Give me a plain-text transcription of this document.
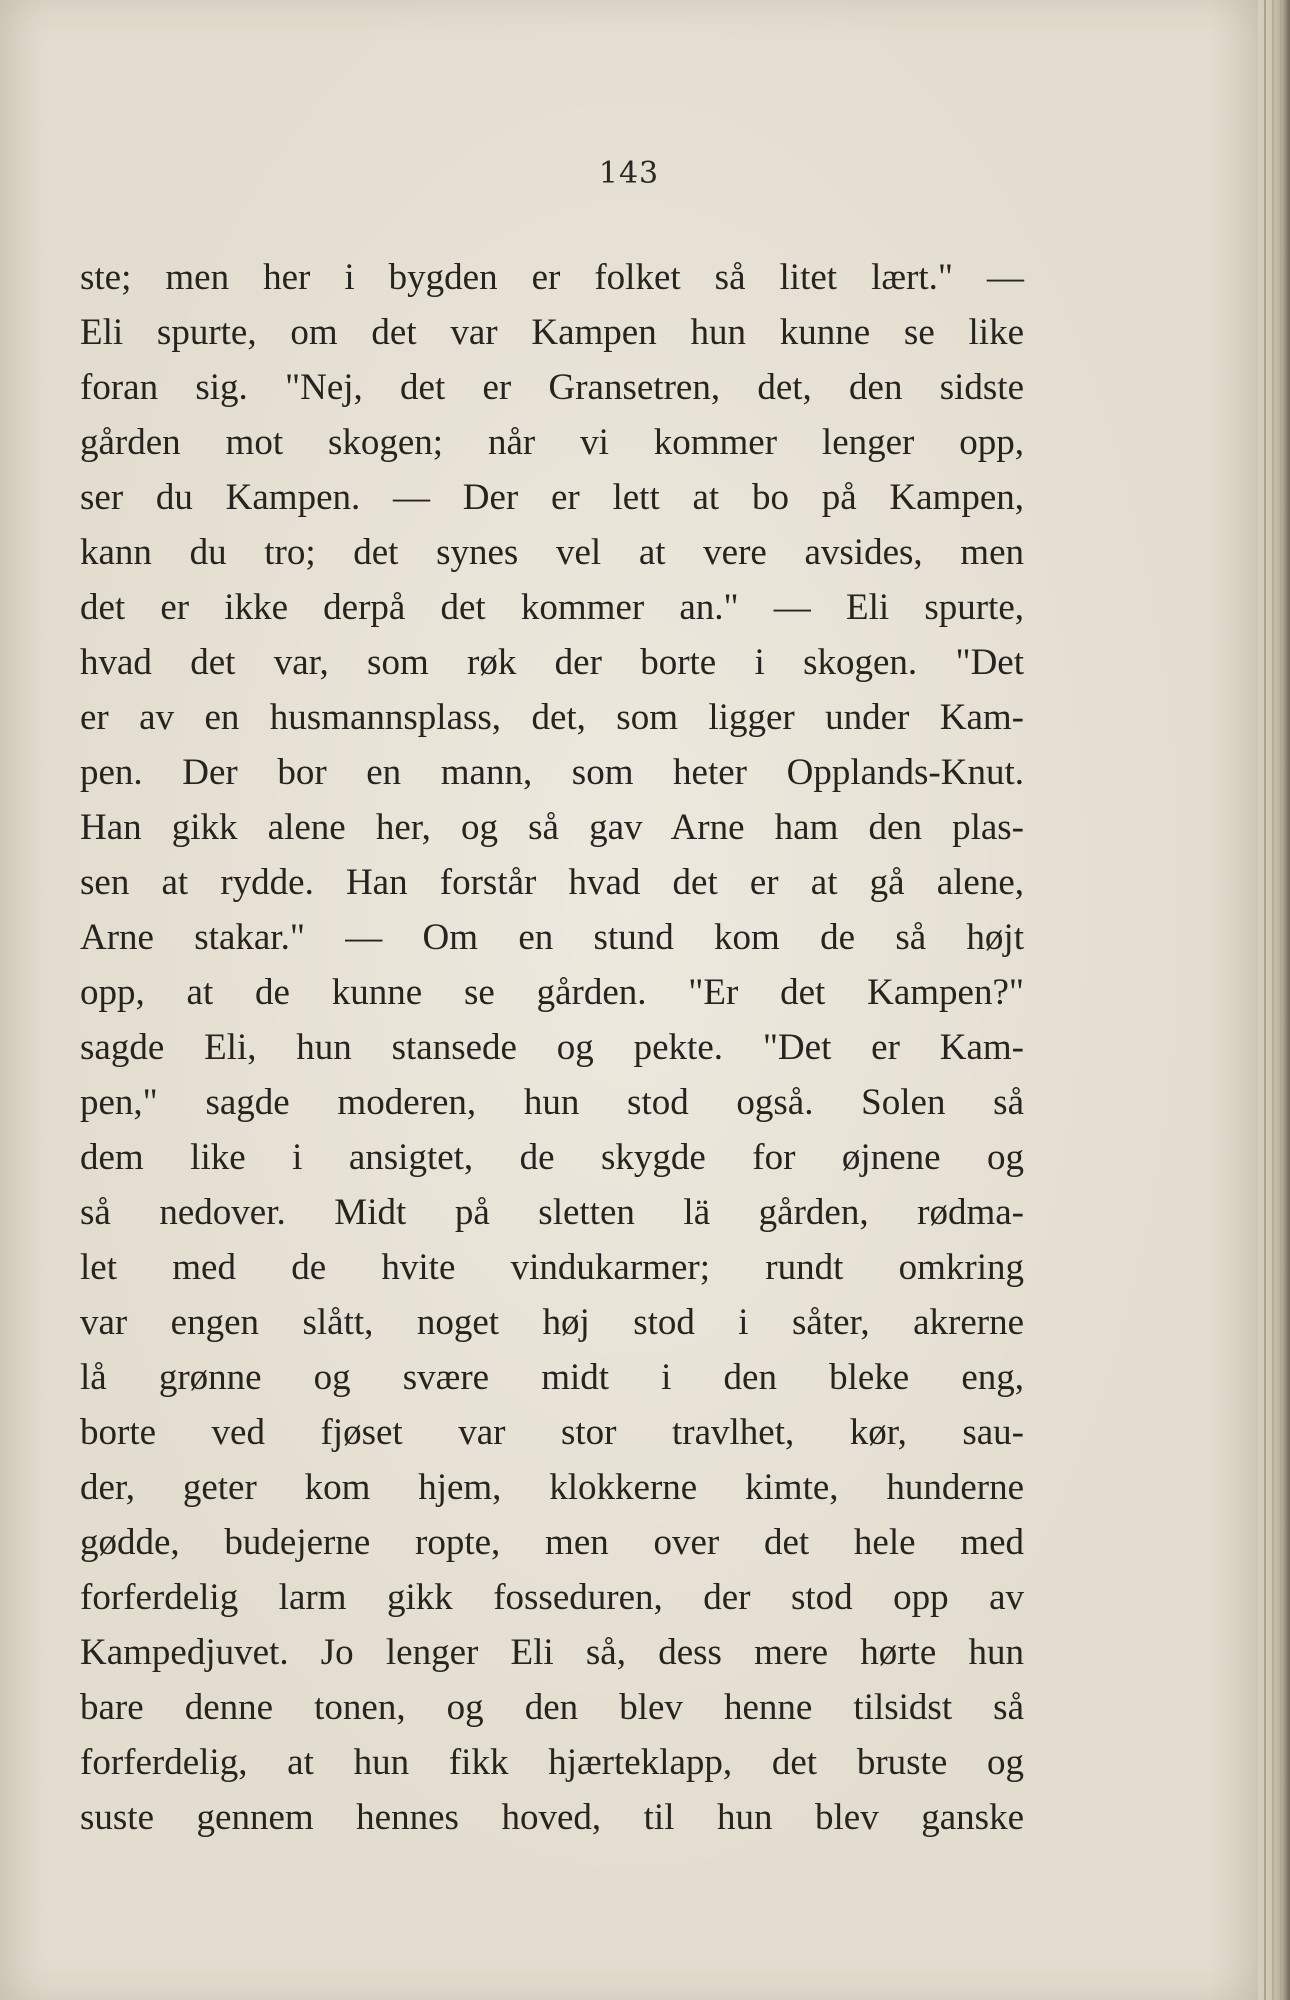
143
ste; men her i bygden er folket så litet lært." —
Eli spurte, om det var Kampen hun kunne se like
foran sig. "Nej, det er Gransetren, det, den sidste
gården mot skogen; når vi kommer lenger opp,
ser du Kampen. — Der er lett at bo på Kampen,
kann du tro; det synes vel at vere avsides, men
det er ikke derpå det kommer an." — Eli spurte,
hvad det var, som røk der borte i skogen. "Det
er av en husmannsplass, det, som ligger under Kam-
pen. Der bor en mann, som heter Opplands-Knut.
Han gikk alene her, og så gav Arne ham den plas-
sen at rydde. Han forstår hvad det er at gå alene,
Arne stakar." — Om en stund kom de så højt
opp, at de kunne se gården. "Er det Kampen?"
sagde Eli, hun stansede og pekte. "Det er Kam-
pen," sagde moderen, hun stod også. Solen så
dem like i ansigtet, de skygde for øjnene og
så nedover. Midt på sletten lä gården, rødma-
let med de hvite vindukarmer; rundt omkring
var engen slått, noget høj stod i såter, akrerne
lå grønne og svære midt i den bleke eng,
borte ved fjøset var stor travlhet, kør, sau-
der, geter kom hjem, klokkerne kimte, hunderne
gødde, budejerne ropte, men over det hele med
forferdelig larm gikk fosseduren, der stod opp av
Kampedjuvet. Jo lenger Eli så, dess mere hørte hun
bare denne tonen, og den blev henne tilsidst så
forferdelig, at hun fikk hjærteklapp, det bruste og
suste gennem hennes hoved, til hun blev ganske
